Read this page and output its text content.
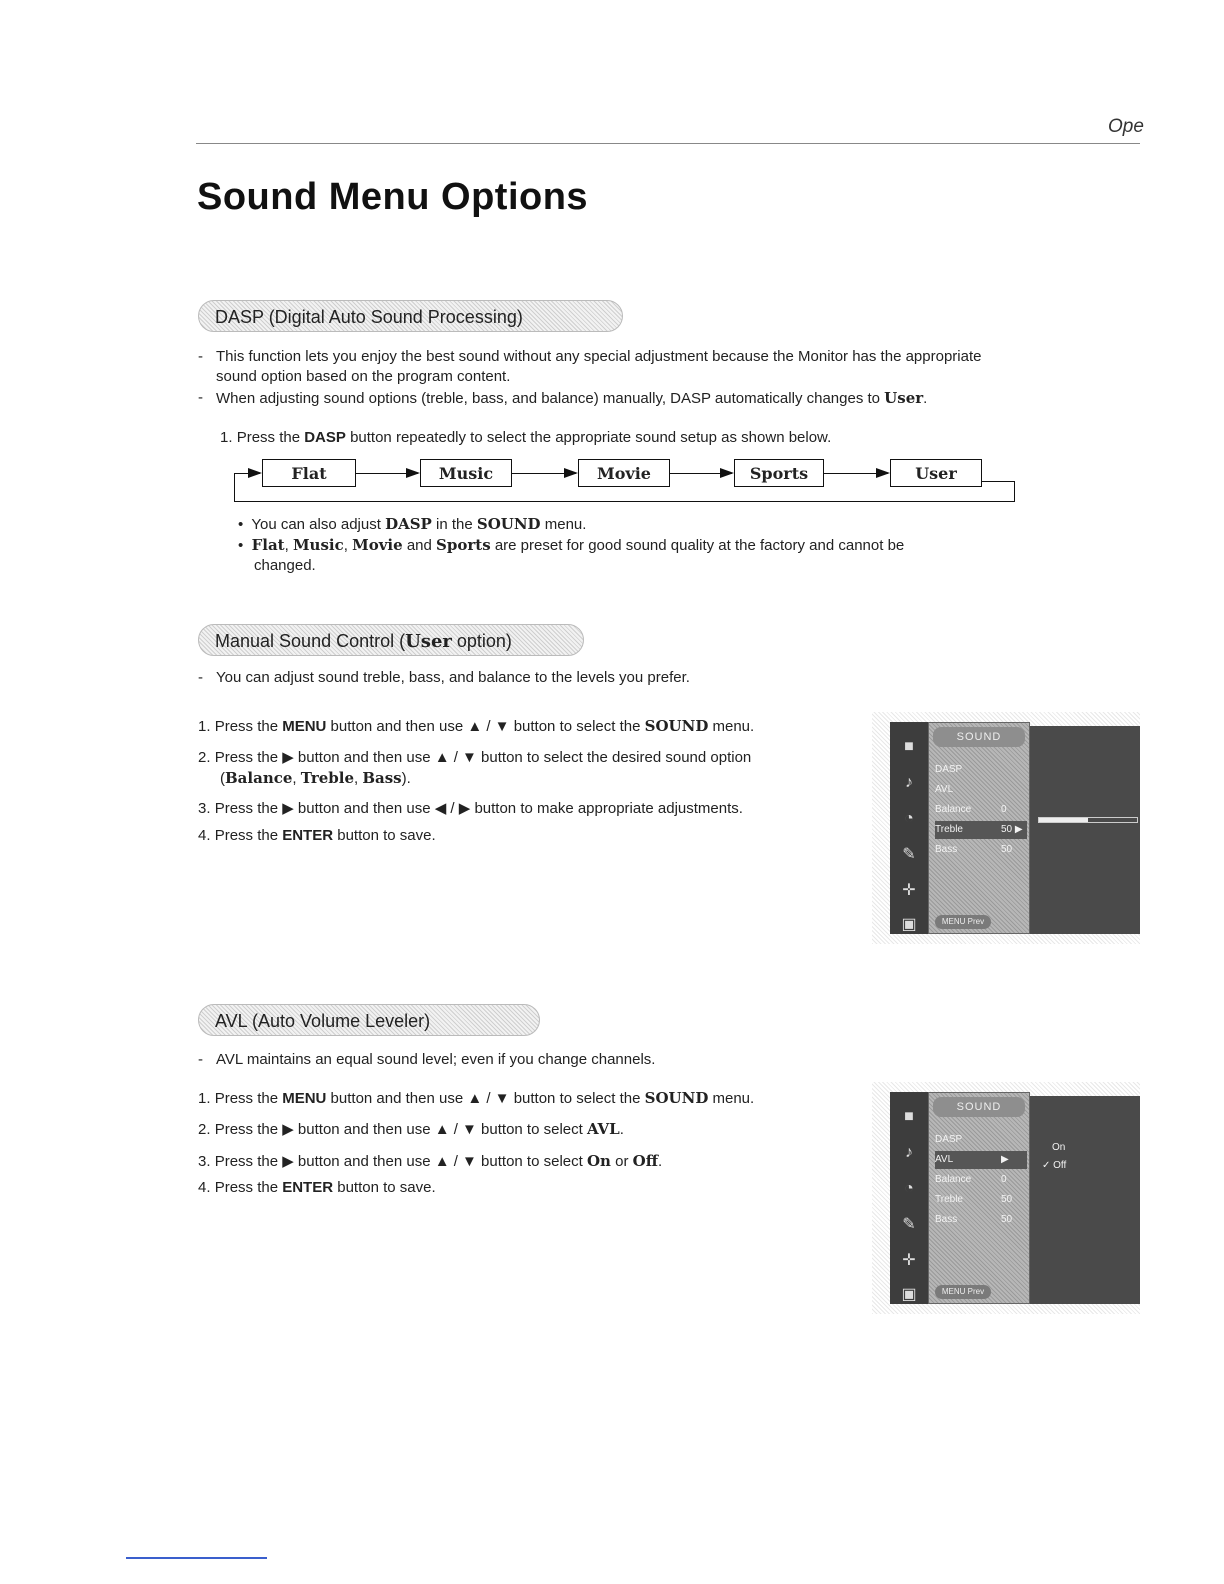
Ope
Sound Menu Options
DASP (Digital Auto Sound Processing)
- This function lets you enjoy the best sound without any special adjustment because the Monitor has the appropriate
sound option based on the program content.
- When adjusting sound options (treble, bass, and balance) manually, DASP automatically changes to User.
1. Press the DASP button repeatedly to select the appropriate sound setup as shown below.
Flat	Music	Movie	Sports	User
• You can also adjust DASP in the SOUND menu.
• Flat, Music, Movie and Sports are preset for good sound quality at the factory and cannot be
changed.
Manual Sound Control (User option)
- You can adjust sound treble, bass, and balance to the levels you prefer.
1. Press the MENU button and then use ▲ / ▼ button to select the SOUND menu.
2. Press the ▶ button and then use ▲ / ▼ button to select the desired sound option
(Balance, Treble, Bass).
3. Press the ▶ button and then use ◀ / ▶ button to make appropriate adjustments.
4. Press the ENTER button to save.
■
♪
◔
✎
✛
▣
SOUND
DASP
AVL
Balance	0
Treble	50 ▶
Bass	50
MENU Prev
AVL (Auto Volume Leveler)
- AVL maintains an equal sound level; even if you change channels.
1. Press the MENU button and then use ▲ / ▼ button to select the SOUND menu.
2. Press the ▶ button and then use ▲ / ▼ button to select AVL.
3. Press the ▶ button and then use ▲ / ▼ button to select On or Off.
4. Press the ENTER button to save.
■
♪
◔
✎
✛
▣
SOUND
DASP
AVL	▶
Balance	0
Treble	50
Bass	50
MENU Prev
On
✓ Off
